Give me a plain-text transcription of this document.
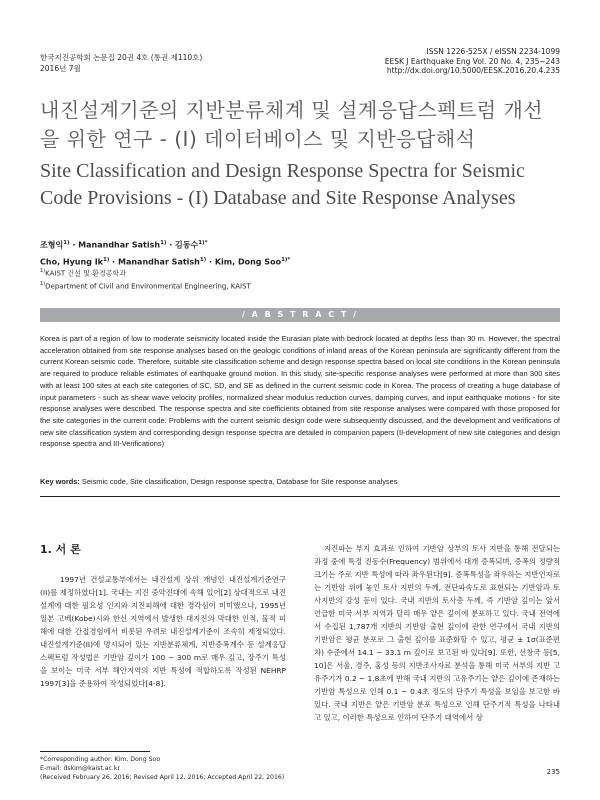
한국지진공학회 논문집 20권 4호 (통권 제110호)
2016년 7월
ISSN 1226-525X / eISSN 2234-1099
EESK J Earthquake Eng Vol. 20 No. 4, 235~243
http://dx.doi.org/10.5000/EESK.2016.20.4.235
내진설계기준의 지반분류체계 및 설계응답스펙트럼 개선을 위한 연구 - (I) 데이터베이스 및 지반응답해석
Site Classification and Design Response Spectra for Seismic Code Provisions - (I) Database and Site Response Analyses
조형익$^{1)}$ · Manandhar Satish$^{1)}$ · 김동수$^{1)*}$
Cho, Hyung $Ik^{1)}$ · Manandhar Satish$^{1)}$ · Kim, Dong Soo$^{1)*}$
$^{1)}$KAIST 건설 및 환경공학과
$^{1)}$Department of Civil and Environmental Engineering, KAIST
/ A B S T R A C T /
Korea is part of a region of low to moderate seismicity located inside the Eurasian plate with bedrock located at depths less than 30 m. However, the spectral acceleration obtained from site response analyses based on the geologic conditions of inland areas of the Korean peninsula are significantly different from the current Korean seismic code. Therefore, suitable site classification scheme and design response spectra based on local site conditions in the Korean peninsula are required to produce reliable estimates of earthquake ground motion. In this study, site-specific response analyses were performed at more than 300 sites with at least 100 sites at each site categories of SC, SD, and SE as defined in the current seismic code in Korea. The process of creating a huge database of input parameters - such as shear wave velocity profiles, normalized shear modulus reduction curves, damping curves, and input earthquake motions - for site response analyses were described. The response spectra and site coefficients obtained from site response analyses were compared with those proposed for the site categories in the current code. Problems with the current seismic design code were subsequently discussed, and the development and verifications of new site classification system and corresponding design response spectra are detailed in companion papers (II-development of new site categories and design response spectra and III-Verifications)
Key words: Seismic code, Site classification, Design response spectra, Database for Site response analyses
1. 서 론
1997년 건설교통부에서는 내진설계 상위 개념인 내진설계기준연구(II)를 제정하였다[1]. 국내는 지진 중약진대에 속해 있어[2] 상대적으로 내진설계에 대한 필요성 인지와 지진피해에 대한 경각심이 미미했으나, 1995년 일본 고베(Kobe)시와 한신 지역에서 발생한 대지진의 막대한 인적, 물적 피해에 대한 간접경험에서 비롯된 우려로 내진설계기준이 조속히 제정되었다. 내진설계기준(II)에 명시되어 있는 지반분류체계, 지반증폭계수 등 설계응답스펙트럼 작성법은 기반암 깊이가 100 ~ 300 m로 매우 깊고, 장주기 특성을 보이는 미국 서부 해안지역의 지반 특성에 적합하도록 작성된 NEHRP 1997[3]을 준용하여 작성되었다[4-8].
지진파는 부지 효과로 인하여 기반암 상부의 토사 지반을 통해 전달되는 과정 중에 특정 진동수(Frequency) 범위에서 대개 증폭되며, 증폭의 정량적 크기는 주로 지반 특성에 따라 좌우된다[9]. 증폭특성을 좌우하는 지반인자로는 기반암 위에 놓인 토사 지반의 두께, 전단파속도로 표현되는 기반암과 토사지반의 강성 등이 있다. 국내 지반의 토사층 두께, 즉 기반암 깊이는 앞서 언급한 미국 서부 지역과 달리 매우 얕은 깊이에 분포하고 있다. 국내 전역에서 수집된 1,787개 지반의 기반암 출현 깊이에 관한 연구에서 국내 지반의 기반암은 평균 분포로 그 출현 깊이를 표준화할 수 있고, 평균 ± 1σ(표준편차) 수준에서 14.1 ~ 33.1 m 깊이로 보고된 바 있다[9]. 또한, 선창국 등[5, 10]은 서울, 경주, 홍성 등의 지반조사자료 분석을 통해 미국 서부의 지반 고유주기가 0.2 ~ 1.8초에 반해 국내 지반의 고유주기는 얕은 깊이에 존재하는 기반암 특성으로 인해 0.1 ~ 0.4초 정도의 단주기 특성을 보임을 보고한 바 있다. 국내 지반은 얕은 기반암 분포 특성으로 인해 단주기적 특성을 나타내고 있고, 이러한 특성으로 인하여 단주기 대역에서 상
*Corresponding author: Kim, Dong Soo
E-mail: dskim@kaist.ac.kr
(Received February 26, 2016; Revised April 12, 2016; Accepted April 22, 2016)
235
